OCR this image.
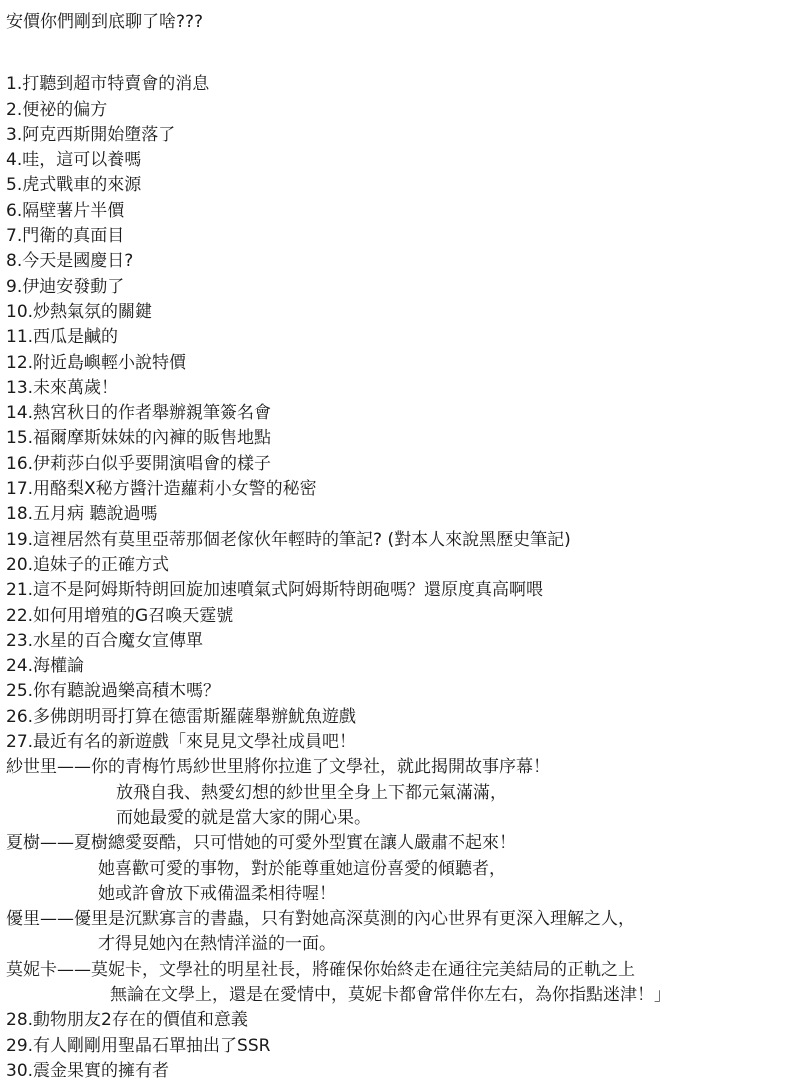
安價你們剛到底聊了啥???
1.打聽到超市特賣會的消息
2.便祕的偏方
3.阿克西斯開始墮落了
4.哇，這可以養嗎
5.虎式戰車的來源
6.隔壁薯片半價
7.門衛的真面目
8.今天是國慶日?
9.伊迪安發動了
10.炒熱氣氛的關鍵
11.西瓜是鹹的
12.附近島嶼輕小說特價
13.未來萬歲！
14.熱宮秋日的作者舉辦親筆簽名會
15.福爾摩斯妹妹的內褲的販售地點
16.伊莉莎白似乎要開演唱會的樣子
17.用酪梨X秘方醬汁造蘿莉小女警的秘密
18.五月病 聽說過嗎
19.這裡居然有莫里亞蒂那個老傢伙年輕時的筆記? (對本人來說黑歷史筆記)
20.追妹子的正確方式
21.這不是阿姆斯特朗回旋加速噴氣式阿姆斯特朗砲嗎？還原度真高啊喂
22.如何用增殖的G召喚天霆號
23.水星的百合魔女宣傳單
24.海權論
25.你有聽說過樂高積木嗎？
26.多佛朗明哥打算在德雷斯羅薩舉辦魷魚遊戲
27.最近有名的新遊戲「來見見文學社成員吧！
紗世里——你的青梅竹馬紗世里將你拉進了文學社，就此揭開故事序幕！
放飛自我、熱愛幻想的紗世里全身上下都元氣滿滿，
而她最愛的就是當大家的開心果。
夏樹——夏樹總愛耍酷，只可惜她的可愛外型實在讓人嚴肅不起來！
她喜歡可愛的事物，對於能尊重她這份喜愛的傾聽者，
她或許會放下戒備溫柔相待喔！
優里——優里是沉默寡言的書蟲，只有對她高深莫測的內心世界有更深入理解之人，
才得見她內在熱情洋溢的一面。
莫妮卡——莫妮卡，文學社的明星社長，將確保你始終走在通往完美結局的正軌之上
無論在文學上，還是在愛情中，莫妮卡都會常伴你左右，為你指點迷津！」
28.動物朋友2存在的價值和意義
29.有人剛剛用聖晶石單抽出了SSR
30.震金果實的擁有者
